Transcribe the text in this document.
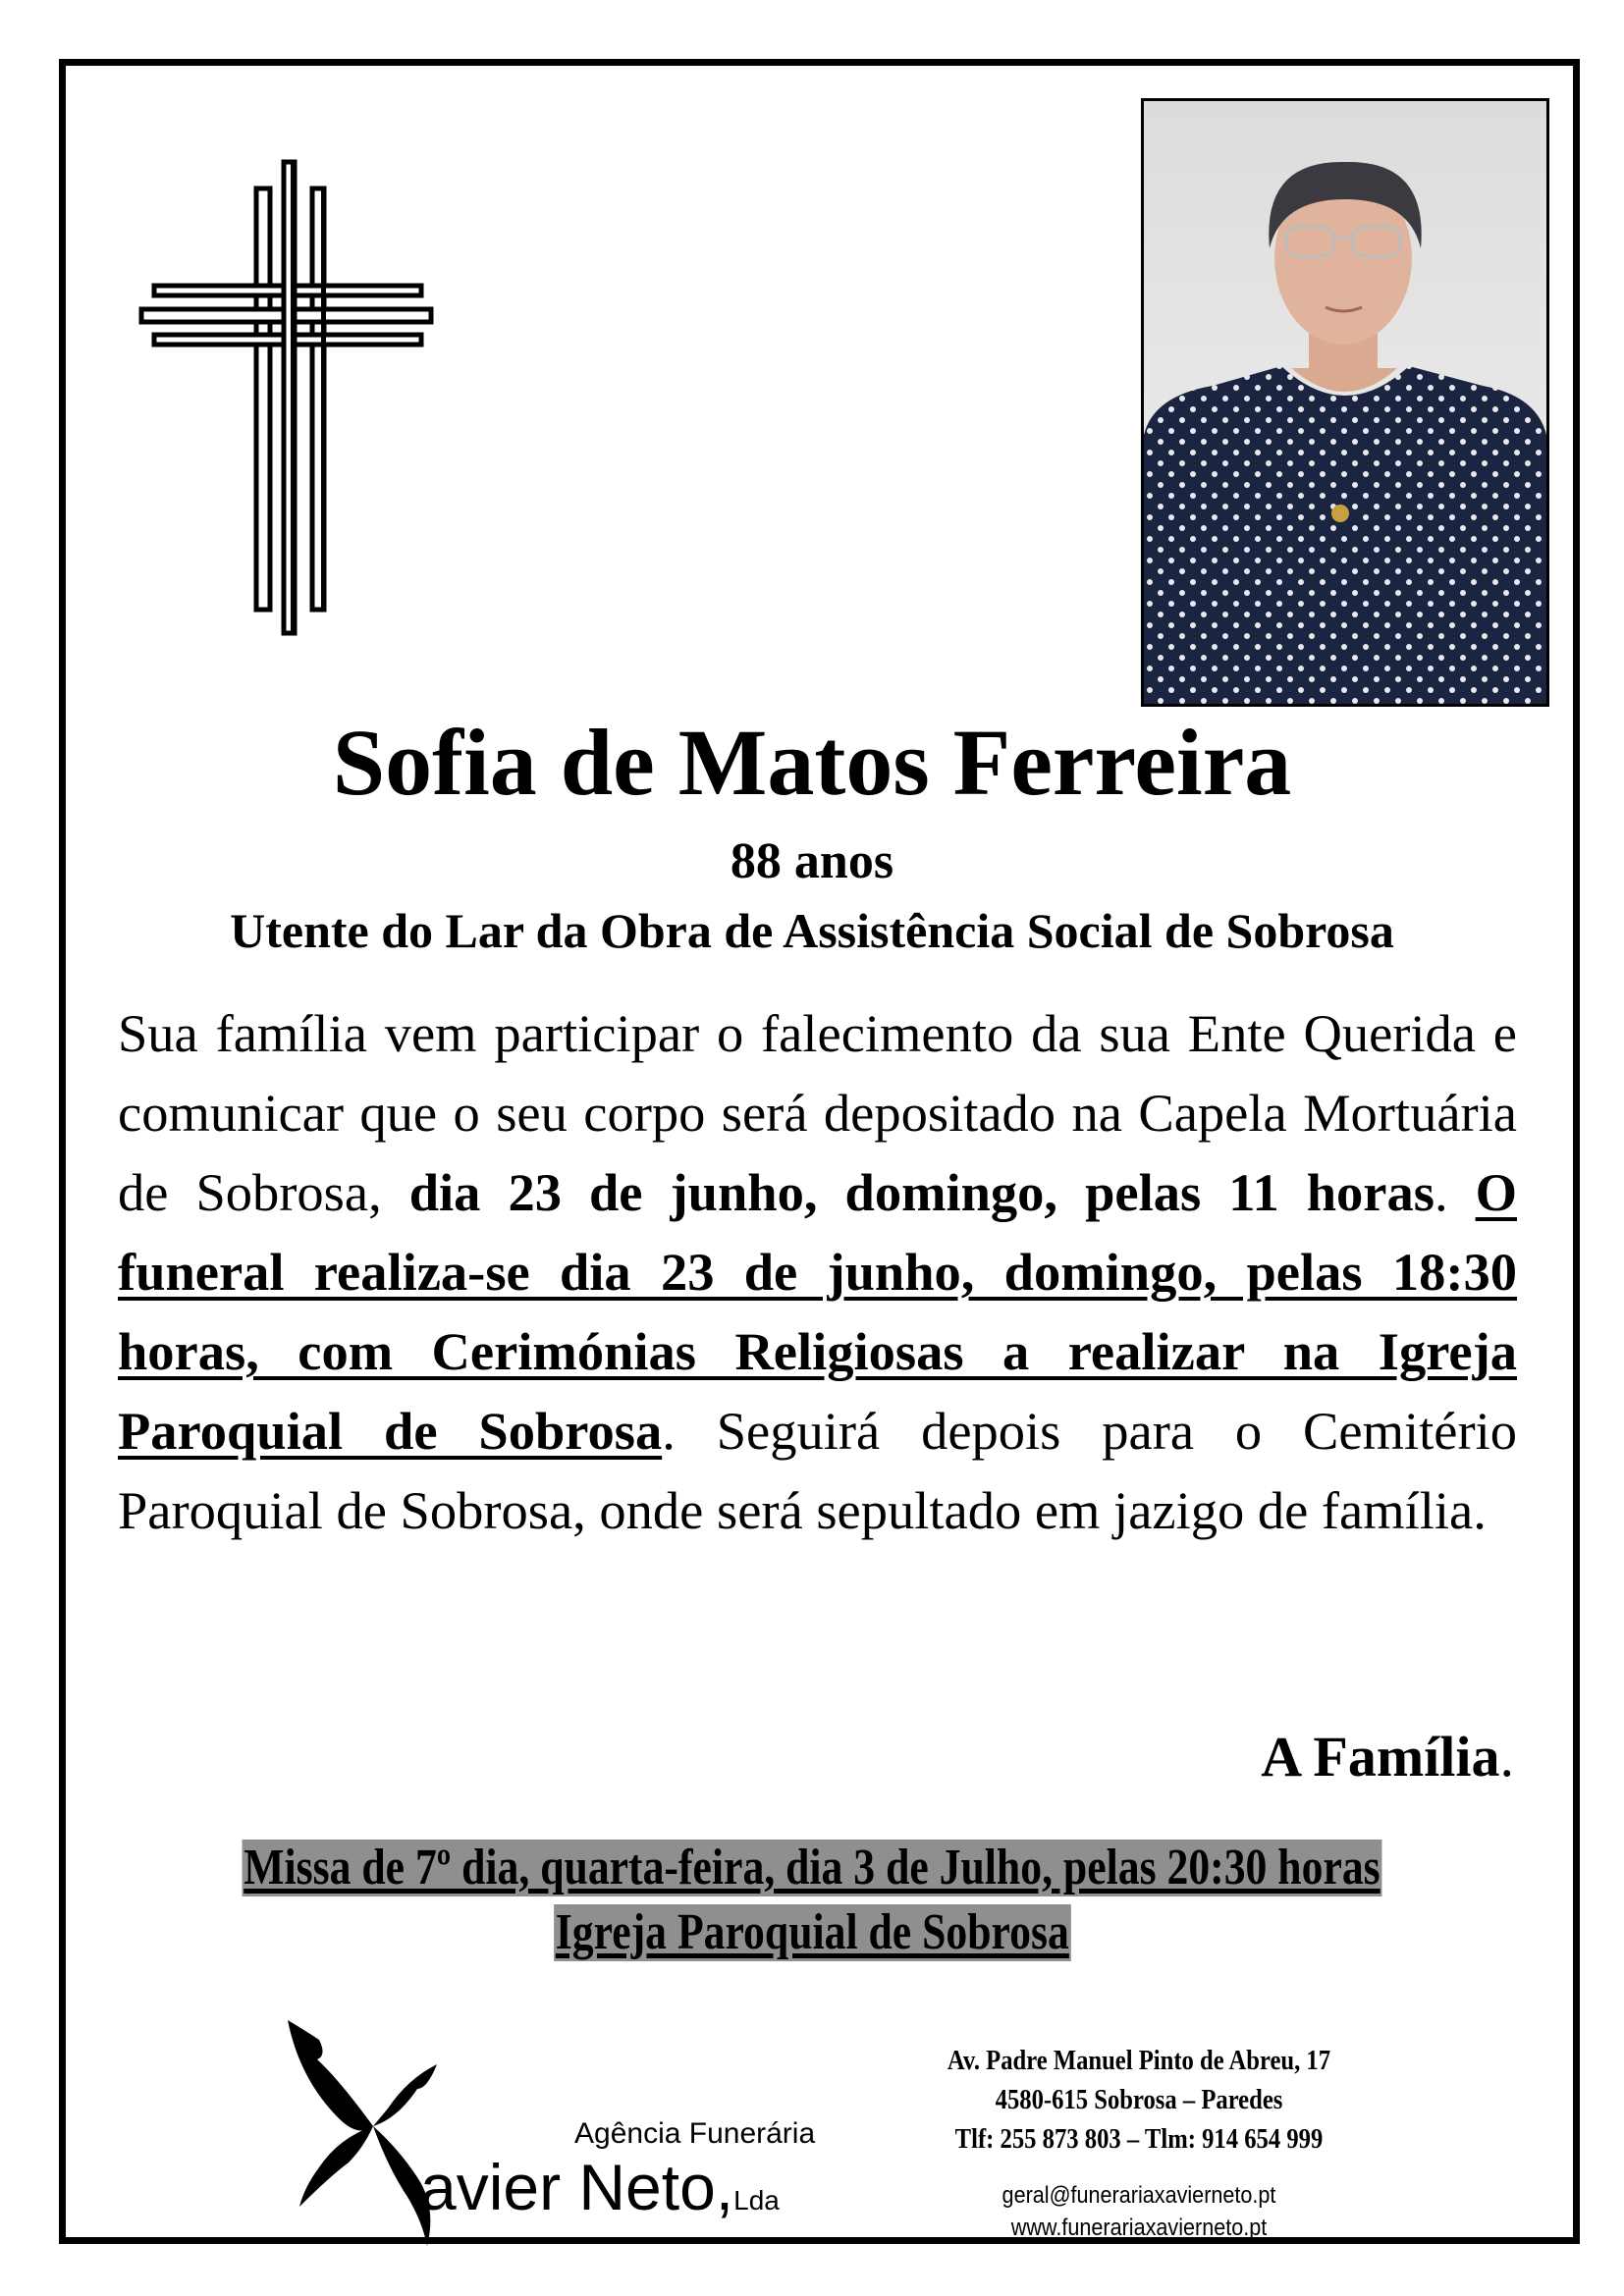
Sofia de Matos Ferreira
88 anos
Utente do Lar da Obra de Assistência Social de Sobrosa
Sua família vem participar o falecimento da sua Ente Querida e comunicar que o seu corpo será depositado na Capela Mortuária de Sobrosa, dia 23 de junho, domingo, pelas 11 horas. O funeral realiza-se dia 23 de junho, domingo, pelas 18:30 horas, com Cerimónias Religiosas a realizar na Igreja Paroquial de Sobrosa. Seguirá depois para o Cemitério Paroquial de Sobrosa, onde será sepultado em jazigo de família.
A Família.
Missa de 7º dia, quarta-feira, dia 3 de Julho, pelas 20:30 horas
Igreja Paroquial de Sobrosa
Agência Funerária
avier Neto,Lda
Av. Padre Manuel Pinto de Abreu, 17
4580-615 Sobrosa – Paredes
Tlf: 255 873 803 – Tlm: 914 654 999
geral@funerariaxavierneto.pt
www.funerariaxavierneto.pt
